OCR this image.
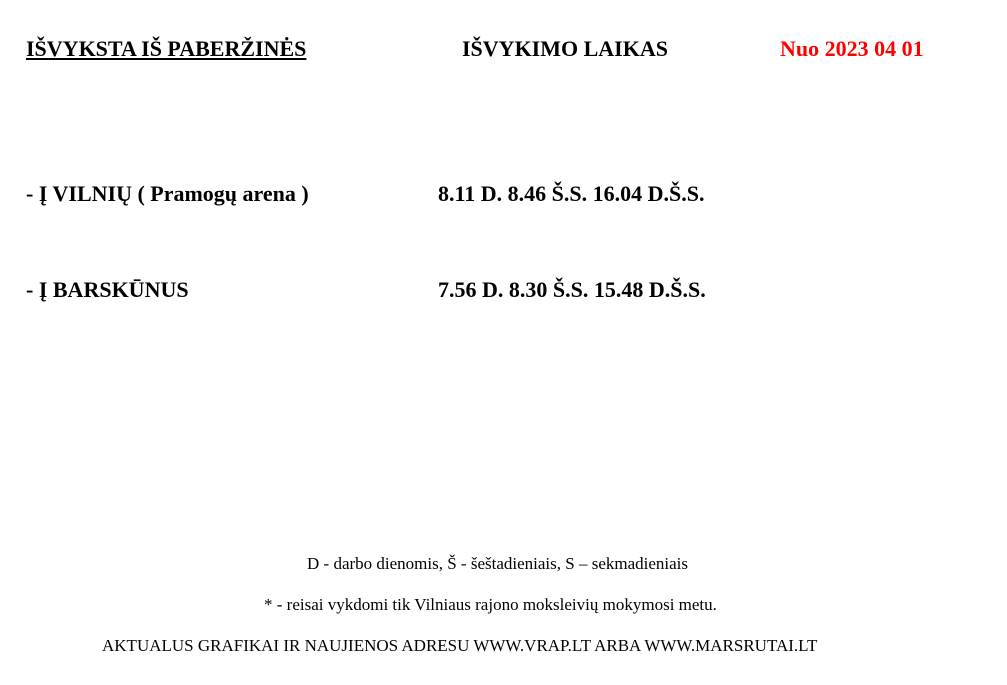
IŠVYKSTA IŠ PABERŽINĖS	IŠVYKIMO LAIKAS	Nuo 2023 04 01
- Į VILNIŲ ( Pramogų arena )	8.11 D. 8.46 Š.S. 16.04 D.Š.S.
- Į BARSKŪNUS	7.56 D. 8.30 Š.S. 15.48 D.Š.S.
D - darbo dienomis, Š - šeštadieniais, S – sekmadieniais
* - reisai vykdomi tik Vilniaus rajono moksleivių mokymosi metu.
AKTUALUS GRAFIKAI IR NAUJIENOS ADRESU WWW.VRAP.LT ARBA WWW.MARSRUTAI.LT
